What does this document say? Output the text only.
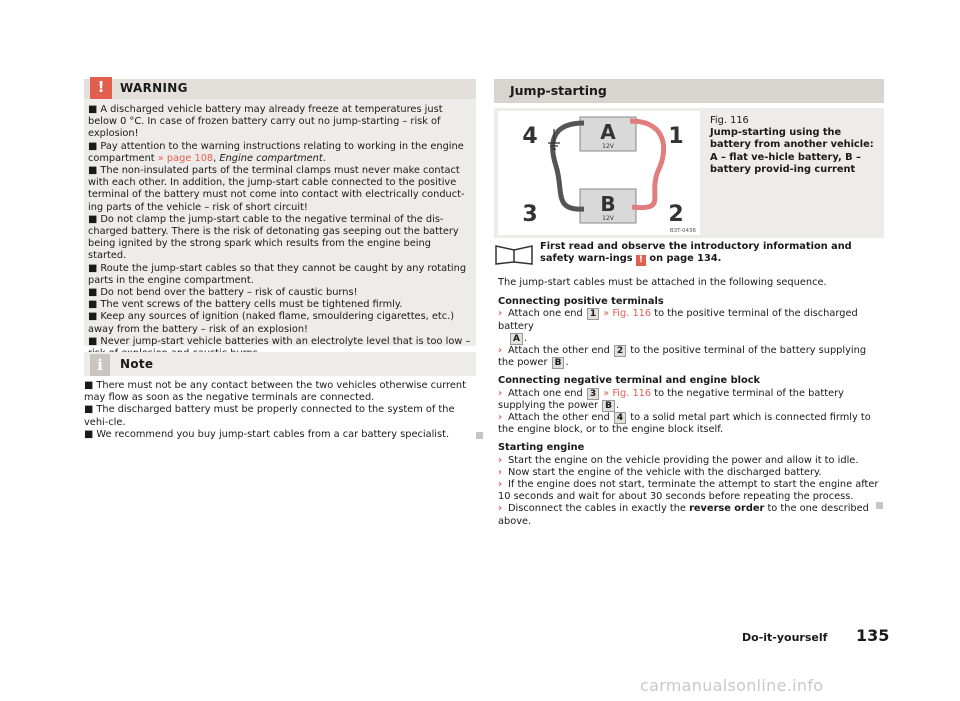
!	WARNING

■ A discharged vehicle battery may already freeze at temperatures just below 0 °C. In case of frozen battery carry out no jump-starting – risk of explosion!

■ Pay attention to the warning instructions relating to working in the engine compartment » page 108, Engine compartment.

■ The non-insulated parts of the terminal clamps must never make contact with each other. In addition, the jump-start cable connected to the positive terminal of the battery must not come into contact with electrically conduct-ing parts of the vehicle – risk of short circuit!

■ Do not clamp the jump-start cable to the negative terminal of the dis-charged battery. There is the risk of detonating gas seeping out the battery being ignited by the strong spark which results from the engine being started.

■ Route the jump-start cables so that they cannot be caught by any rotating parts in the engine compartment.

■ Do not bend over the battery – risk of caustic burns!

■ The vent screws of the battery cells must be tightened firmly.

■ Keep any sources of ignition (naked flame, smouldering cigarettes, etc.) away from the battery – risk of an explosion!

■ Never jump-start vehicle batteries with an electrolyte level that is too low –

i	Note

■ There must not be any contact between the two vehicles otherwise current may flow as soon as the negative terminals are connected.

■ The discharged battery must be properly connected to the system of the vehi-cle.

■ We recommend you buy jump-start cables from a car battery specialist.

Jump-starting
A
B
12V
12V
4	1
3	2
B3T-0436
Fig. 116
Jump-starting using the battery from another vehicle: A – flat ve-hicle battery, B – battery provid-ing current
First read and observe the introductory information and safety warn-ings ! on page 134.

The jump-start cables must be attached in the following sequence.

Connecting positive terminals

› Attach one end 1 » Fig. 116 to the positive terminal of the discharged battery

A .

› Attach the other end 2 to the positive terminal of the battery supplying the power B .

Connecting negative terminal and engine block

› Attach one end 3 » Fig. 116 to the negative terminal of the battery supplying the power B .

› Attach the other end 4 to a solid metal part which is connected firmly to the engine block, or to the engine block itself.

Starting engine

› Start the engine on the vehicle providing the power and allow it to idle.

› Now start the engine of the vehicle with the discharged battery.

› If the engine does not start, terminate the attempt to start the engine after 10 seconds and wait for about 30 seconds before repeating the process.

› Disconnect the cables in exactly the reverse order to the one described above.

Do-it-yourself 135
carmanualsonline.info
